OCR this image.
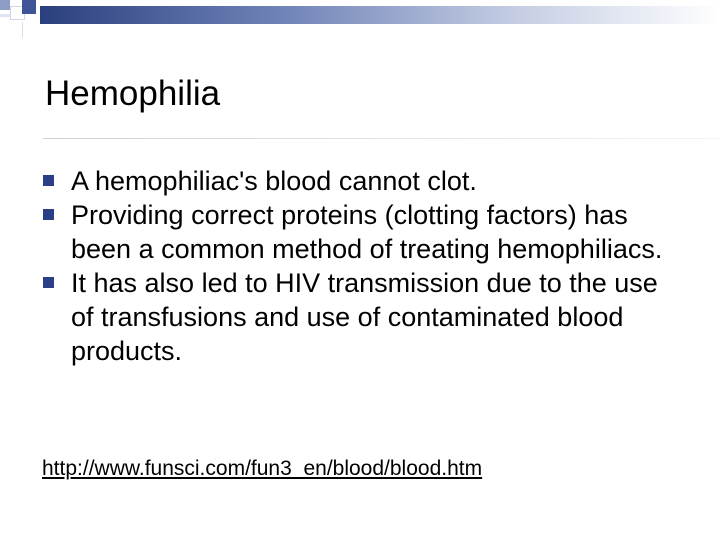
Hemophilia
A hemophiliac's blood cannot clot.
Providing correct proteins (clotting factors) has been a common method of treating hemophiliacs.
It has also led to HIV transmission due to the use of transfusions and use of contaminated blood products.
http://www.funsci.com/fun3_en/blood/blood.htm
